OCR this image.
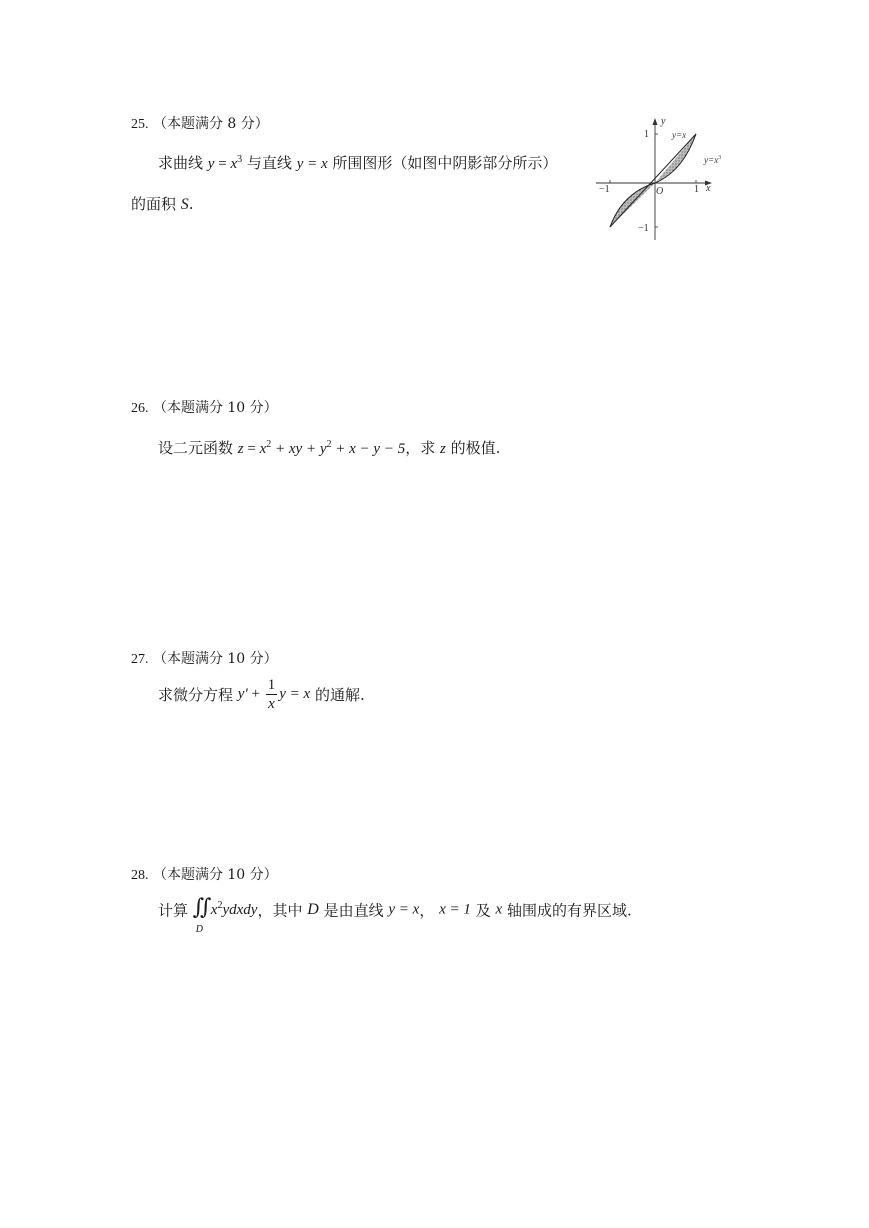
25. （本题满分 8 分）
求曲线 $y = x^3$ 与直线 y = x 所围图形（如图中阴影部分所示）
的面积 S.
y
x
O
1
−1	1
−1
y=x
$y=x^3$
26. （本题满分 10 分）
设二元函数 $z = x^2$ + xy + $y^2 + x - y - 5$，求 z 的极值.
27. （本题满分 10 分）
求微分方程 $y' + \frac{1}{x}$ y = x 的通解.
28. （本题满分 10 分）
计算 ∬
D
$x^2ydxdy$，其中 D 是由直线 y = x， x = 1 及 x 轴围成的有界区域.
